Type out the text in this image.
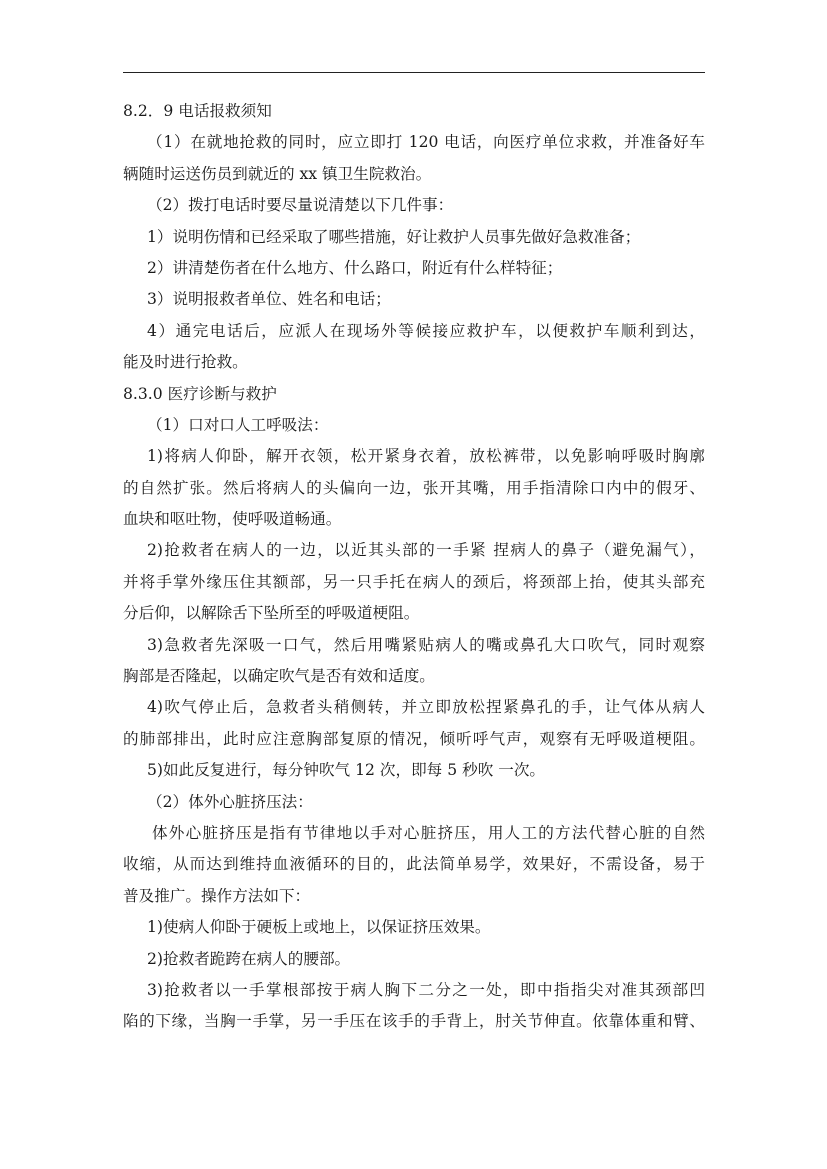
8.2．9 电话报救须知
（1）在就地抢救的同时，应立即打 120 电话，向医疗单位求救，并准备好车
辆随时运送伤员到就近的 xx 镇卫生院救治。
（2）拨打电话时要尽量说清楚以下几件事：
1）说明伤情和已经采取了哪些措施，好让救护人员事先做好急救准备；
2）讲清楚伤者在什么地方、什么路口，附近有什么样特征；
3）说明报救者单位、姓名和电话；
4）通完电话后，应派人在现场外等候接应救护车，以便救护车顺利到达，
能及时进行抢救。
8.3.0 医疗诊断与救护
（1）口对口人工呼吸法：
1)将病人仰卧，解开衣领，松开紧身衣着，放松裤带，以免影响呼吸时胸廓
的自然扩张。然后将病人的头偏向一边，张开其嘴，用手指清除口内中的假牙、
血块和呕吐物，使呼吸道畅通。
2)抢救者在病人的一边，以近其头部的一手紧 捏病人的鼻子（避免漏气），
并将手掌外缘压住其额部，另一只手托在病人的颈后，将颈部上抬，使其头部充
分后仰，以解除舌下坠所至的呼吸道梗阻。
3)急救者先深吸一口气，然后用嘴紧贴病人的嘴或鼻孔大口吹气，同时观察
胸部是否隆起，以确定吹气是否有效和适度。
4)吹气停止后，急救者头稍侧转，并立即放松捏紧鼻孔的手，让气体从病人
的肺部排出，此时应注意胸部复原的情况，倾听呼气声，观察有无呼吸道梗阻。
5)如此反复进行，每分钟吹气 12 次，即每 5 秒吹 一次。
（2）体外心脏挤压法：
体外心脏挤压是指有节律地以手对心脏挤压，用人工的方法代替心脏的自然
收缩，从而达到维持血液循环的目的，此法简单易学，效果好，不需设备，易于
普及推广。操作方法如下：
1)使病人仰卧于硬板上或地上，以保证挤压效果。
2)抢救者跪跨在病人的腰部。
3)抢救者以一手掌根部按于病人胸下二分之一处，即中指指尖对准其颈部凹
陷的下缘，当胸一手掌，另一手压在该手的手背上，肘关节伸直。依靠体重和臂、
